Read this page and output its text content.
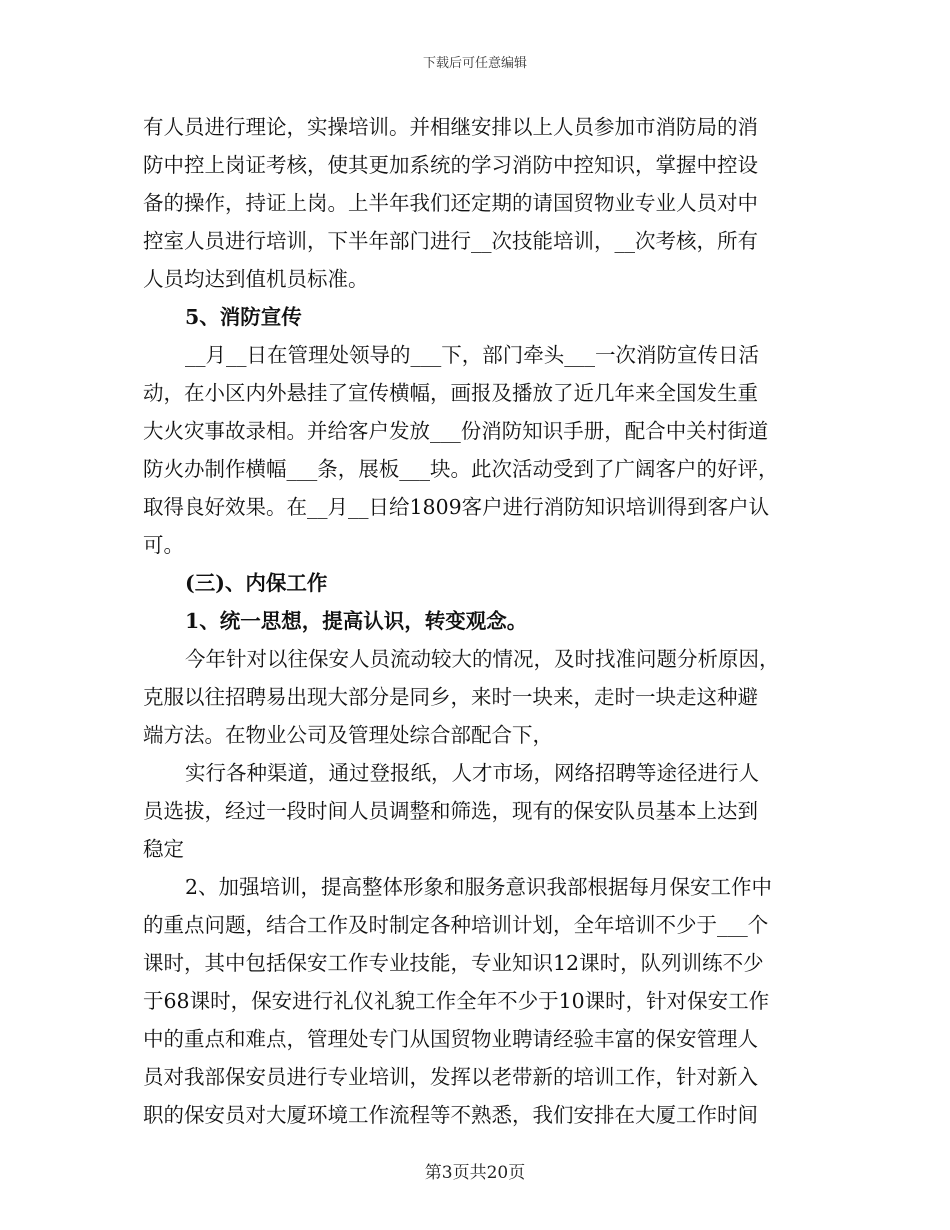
下载后可任意编辑
有人员进行理论，实操培训。并相继安排以上人员参加市消防局的消
防中控上岗证考核，使其更加系统的学习消防中控知识，掌握中控设
备的操作，持证上岗。上半年我们还定期的请国贸物业专业人员对中
控室人员进行培训，下半年部门进行__次技能培训，__次考核，所有
人员均达到值机员标准。
5、消防宣传
__月__日在管理处领导的___下，部门牵头___一次消防宣传日活
动，在小区内外悬挂了宣传横幅，画报及播放了近几年来全国发生重
大火灾事故录相。并给客户发放___份消防知识手册，配合中关村街道
防火办制作横幅___条，展板___块。此次活动受到了广阔客户的好评，
取得良好效果。在__月__日给1809客户进行消防知识培训得到客户认
可。
(三)、内保工作
1、统一思想，提高认识，转变观念。
今年针对以往保安人员流动较大的情况，及时找准问题分析原因，
克服以往招聘易出现大部分是同乡，来时一块来，走时一块走这种避
端方法。在物业公司及管理处综合部配合下，
实行各种渠道，通过登报纸，人才市场，网络招聘等途径进行人
员选拔，经过一段时间人员调整和筛选，现有的保安队员基本上达到
稳定
2、加强培训，提高整体形象和服务意识我部根据每月保安工作中
的重点问题，结合工作及时制定各种培训计划，全年培训不少于___个
课时，其中包括保安工作专业技能，专业知识12课时，队列训练不少
于68课时，保安进行礼仪礼貌工作全年不少于10课时，针对保安工作
中的重点和难点，管理处专门从国贸物业聘请经验丰富的保安管理人
员对我部保安员进行专业培训，发挥以老带新的培训工作，针对新入
职的保安员对大厦环境工作流程等不熟悉，我们安排在大厦工作时间
第3页共20页
